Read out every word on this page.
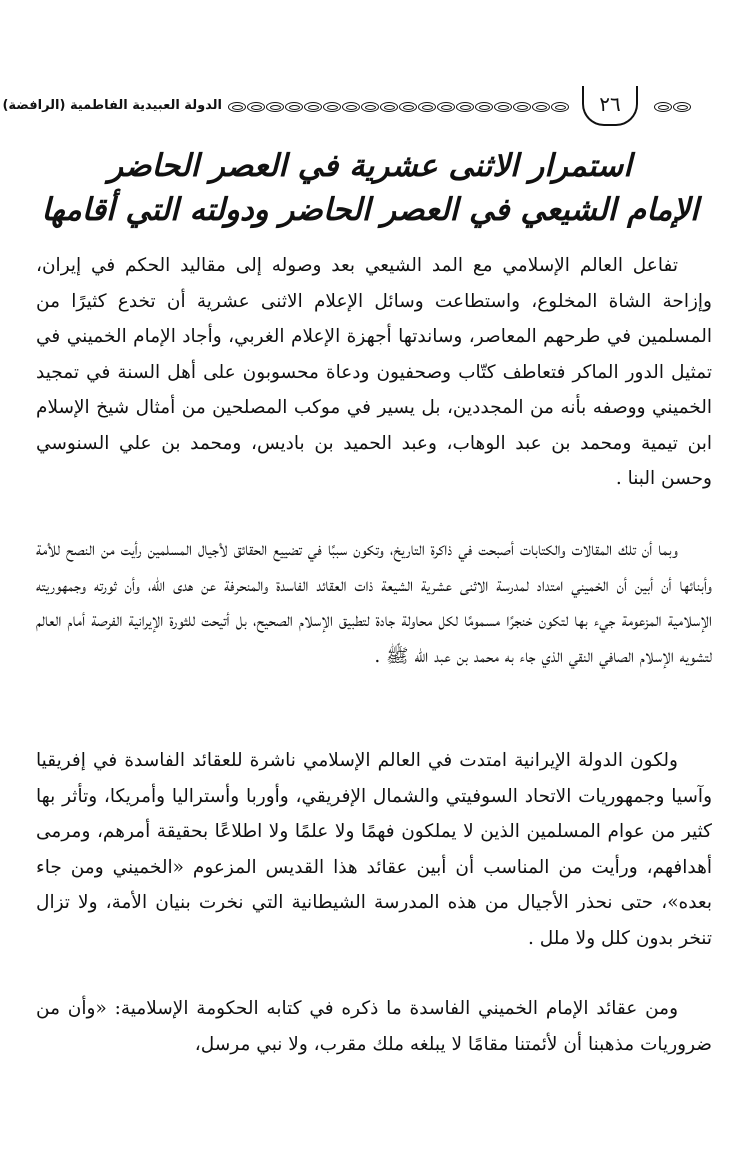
الدولة العبيدية الفاطمية (الرافضة)	٢٦
استمرار الاثنى عشرية في العصر الحاضر
الإمام الشيعي في العصر الحاضر ودولته التي أقامها

تفاعل العالم الإسلامي مع المد الشيعي بعد وصوله إلى مقاليد الحكم في إيران، وإزاحة الشاة المخلوع، واستطاعت وسائل الإعلام الاثنى عشرية أن تخدع كثيرًا من المسلمين في طرحهم المعاصر، وساندتها أجهزة الإعلام الغربي، وأجاد الإمام الخميني في تمثيل الدور الماكر فتعاطف كتّاب وصحفيون ودعاة محسوبون على أهل السنة في تمجيد الخميني ووصفه بأنه من المجددين، بل يسير في موكب المصلحين من أمثال شيخ الإسلام ابن تيمية ومحمد بن عبد الوهاب، وعبد الحميد بن باديس، ومحمد بن علي السنوسي وحسن البنا .

وبما أن تلك المقالات والكتابات أصبحت في ذاكرة التاريخ، وتكون سببًا في تضييع الحقائق لأجيال المسلمين رأيت من النصح للأمة وأبنائها أن أبين أن الخميني امتداد لمدرسة الاثنى عشرية الشيعة ذات العقائد الفاسدة والمنحرفة عن هدى الله، وأن ثورته وجمهوريته الإسلامية المزعومة جيء بها لتكون خنجرًا مسمومًا لكل محاولة جادة لتطبيق الإسلام الصحيح، بل أتيحت للثورة الإيرانية الفرصة أمام العالم لتشويه الإسلام الصافي النقي الذي جاء به محمد بن عبد الله ﷺ .

ولكون الدولة الإيرانية امتدت في العالم الإسلامي ناشرة للعقائد الفاسدة في إفريقيا وآسيا وجمهوريات الاتحاد السوفيتي والشمال الإفريقي، وأوربا وأستراليا وأمريكا، وتأثر بها كثير من عوام المسلمين الذين لا يملكون فهمًا ولا علمًا ولا اطلاعًا بحقيقة أمرهم، ومرمى أهدافهم، ورأيت من المناسب أن أبين عقائد هذا القديس المزعوم «الخميني ومن جاء بعده»، حتى نحذر الأجيال من هذه المدرسة الشيطانية التي نخرت بنيان الأمة، ولا تزال تنخر بدون كلل ولا ملل .

ومن عقائد الإمام الخميني الفاسدة ما ذكره في كتابه الحكومة الإسلامية: «وأن من ضروريات مذهبنا أن لأئمتنا مقامًا لا يبلغه ملك مقرب، ولا نبي مرسل،
